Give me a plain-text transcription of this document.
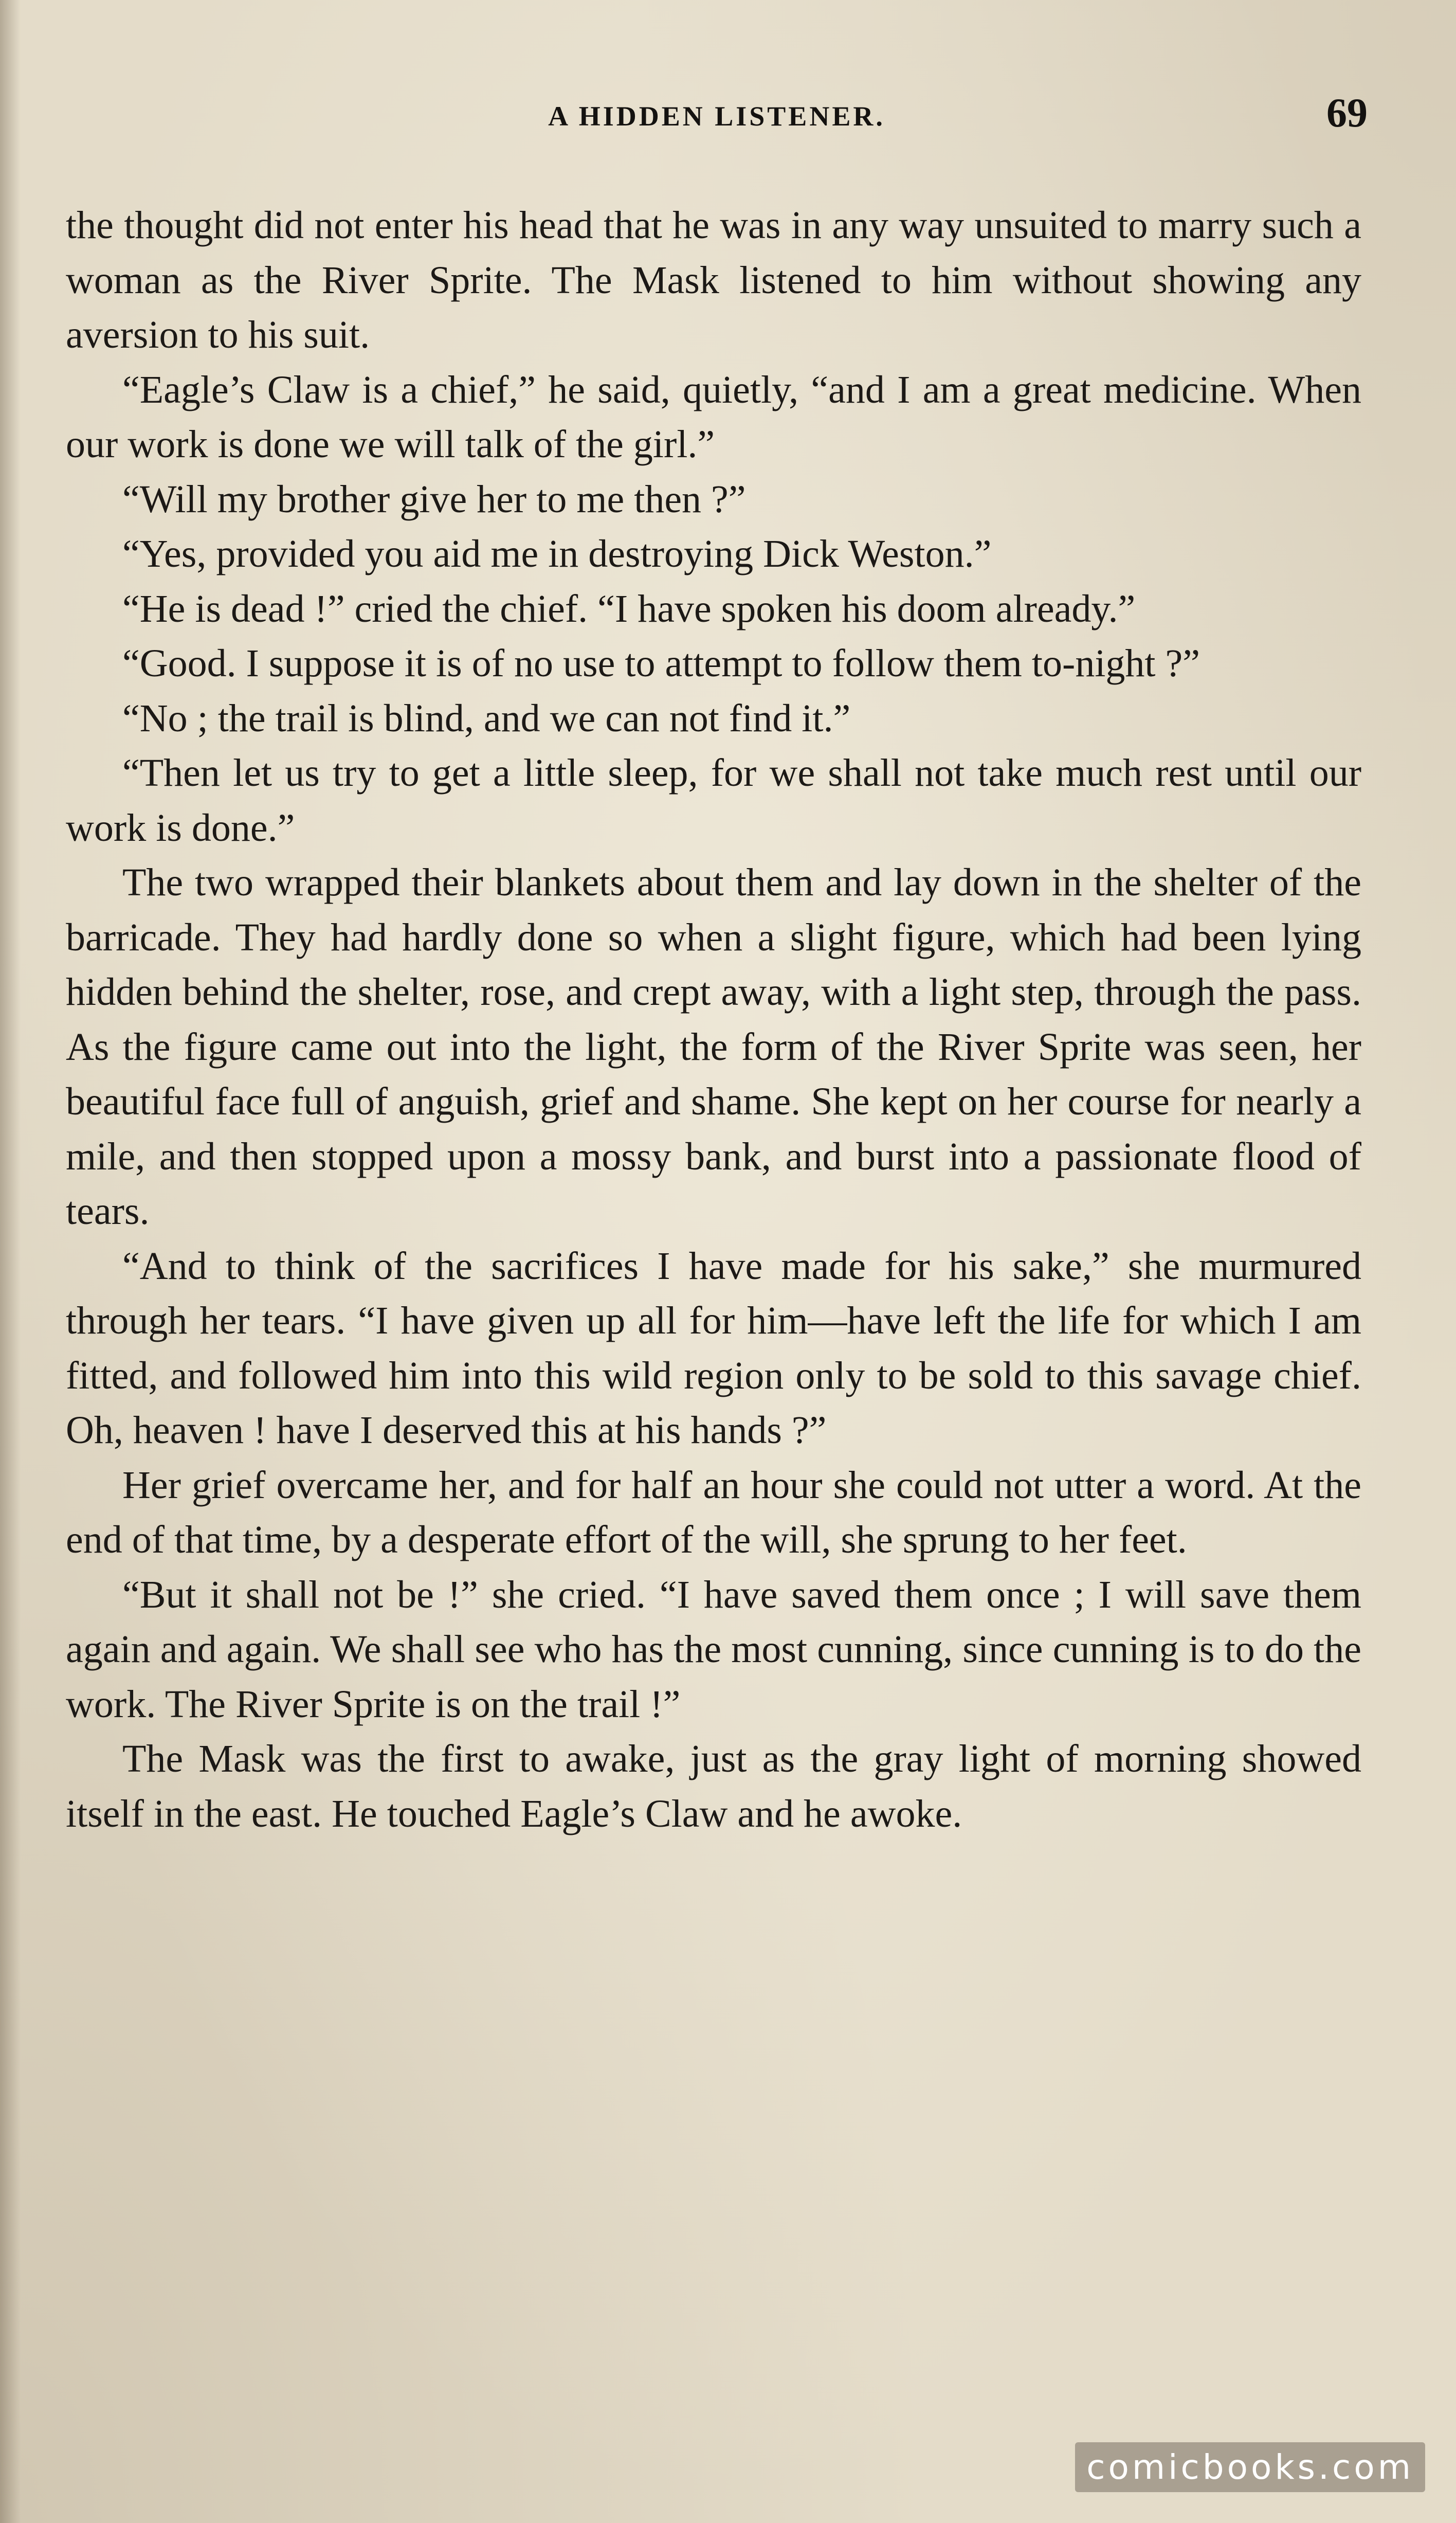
A HIDDEN LISTENER.	69

the thought did not enter his head that he was in any way unsuited to marry such a woman as the River Sprite. The Mask listened to him without showing any aversion to his suit.

“Eagle’s Claw is a chief,” he said, quietly, “and I am a great medicine. When our work is done we will talk of the girl.”

“Will my brother give her to me then ?”

“Yes, provided you aid me in destroying Dick Weston.”

“He is dead !” cried the chief. “I have spoken his doom already.”

“Good. I suppose it is of no use to attempt to follow them to-night ?”

“No ; the trail is blind, and we can not find it.”

“Then let us try to get a little sleep, for we shall not take much rest until our work is done.”

The two wrapped their blankets about them and lay down in the shelter of the barricade. They had hardly done so when a slight figure, which had been lying hidden behind the shelter, rose, and crept away, with a light step, through the pass. As the figure came out into the light, the form of the River Sprite was seen, her beautiful face full of anguish, grief and shame. She kept on her course for nearly a mile, and then stopped upon a mossy bank, and burst into a passionate flood of tears.

“And to think of the sacrifices I have made for his sake,” she murmured through her tears. “I have given up all for him—have left the life for which I am fitted, and followed him into this wild region only to be sold to this savage chief. Oh, heaven ! have I deserved this at his hands ?”

Her grief overcame her, and for half an hour she could not utter a word. At the end of that time, by a desperate effort of the will, she sprung to her feet.

“But it shall not be !” she cried. “I have saved them once ; I will save them again and again. We shall see who has the most cunning, since cunning is to do the work. The River Sprite is on the trail !”

The Mask was the first to awake, just as the gray light of morning showed itself in the east. He touched Eagle’s Claw and he awoke.

comicbooks.com
